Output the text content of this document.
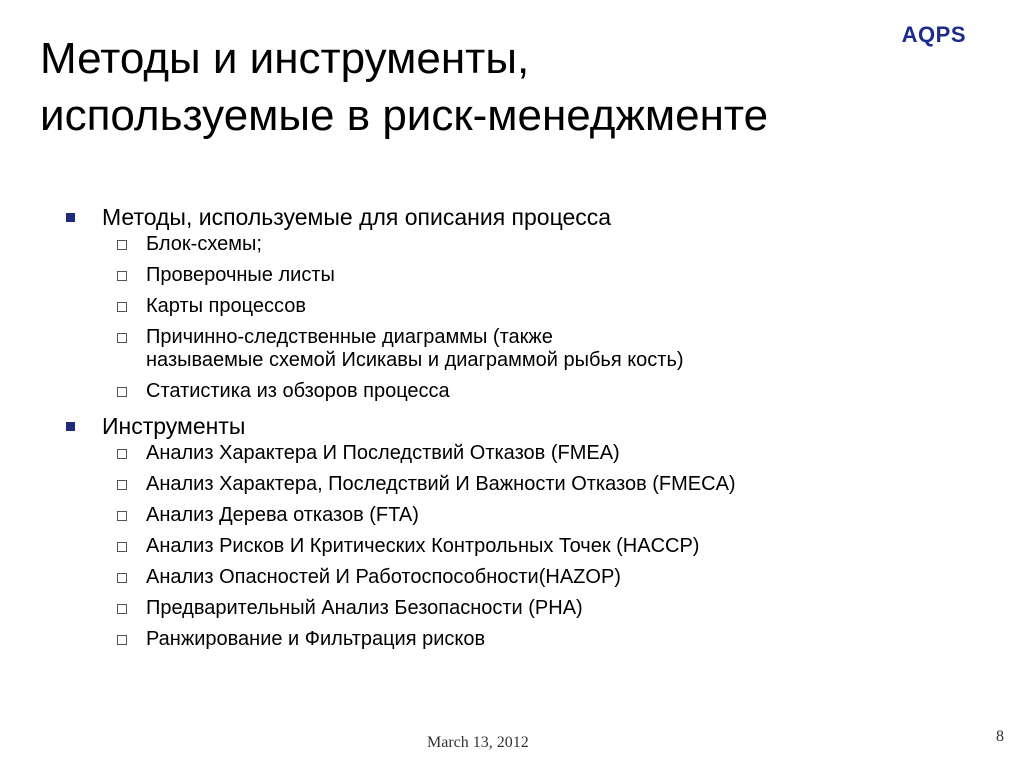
AQPS
Методы и инструменты,
используемые в риск-менеджменте
Методы, используемые для описания процесса
Блок-схемы;
Проверочные листы
Карты процессов
Причинно-следственные диаграммы (также
называемые схемой Исикавы и диаграммой рыбья кость)
Статистика из обзоров процесса
Инструменты
Анализ Характера И Последствий Отказов (FMEA)
Анализ Характера, Последствий И Важности Отказов (FMECA)
Анализ Дерева отказов (FTA)
Анализ Рисков И Критических Контрольных Точек (HACCP)
Анализ Опасностей И Работоспособности(HAZOP)
Предварительный Анализ Безопасности (PHA)
Ранжирование и Фильтрация рисков
March 13, 2012	8
